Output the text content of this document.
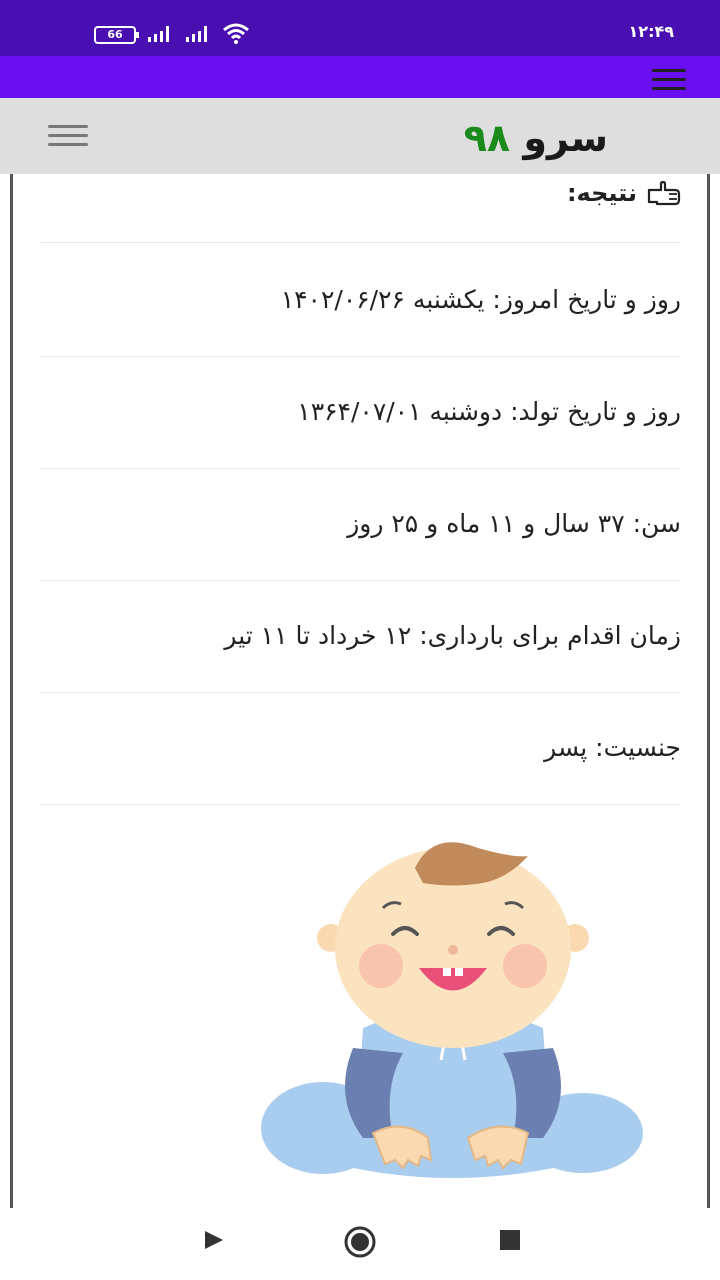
66	۱۲:۴۹
سرو ۹۸
نتیجه:
روز و تاریخ امروز: یکشنبه ۱۴۰۲/۰۶/۲۶
روز و تاریخ تولد: دوشنبه ۱۳۶۴/۰۷/۰۱
سن: ۳۷ سال و ۱۱ ماه و ۲۵ روز
زمان اقدام برای بارداری: ۱۲ خرداد تا ۱۱ تیر
جنسیت: پسر
